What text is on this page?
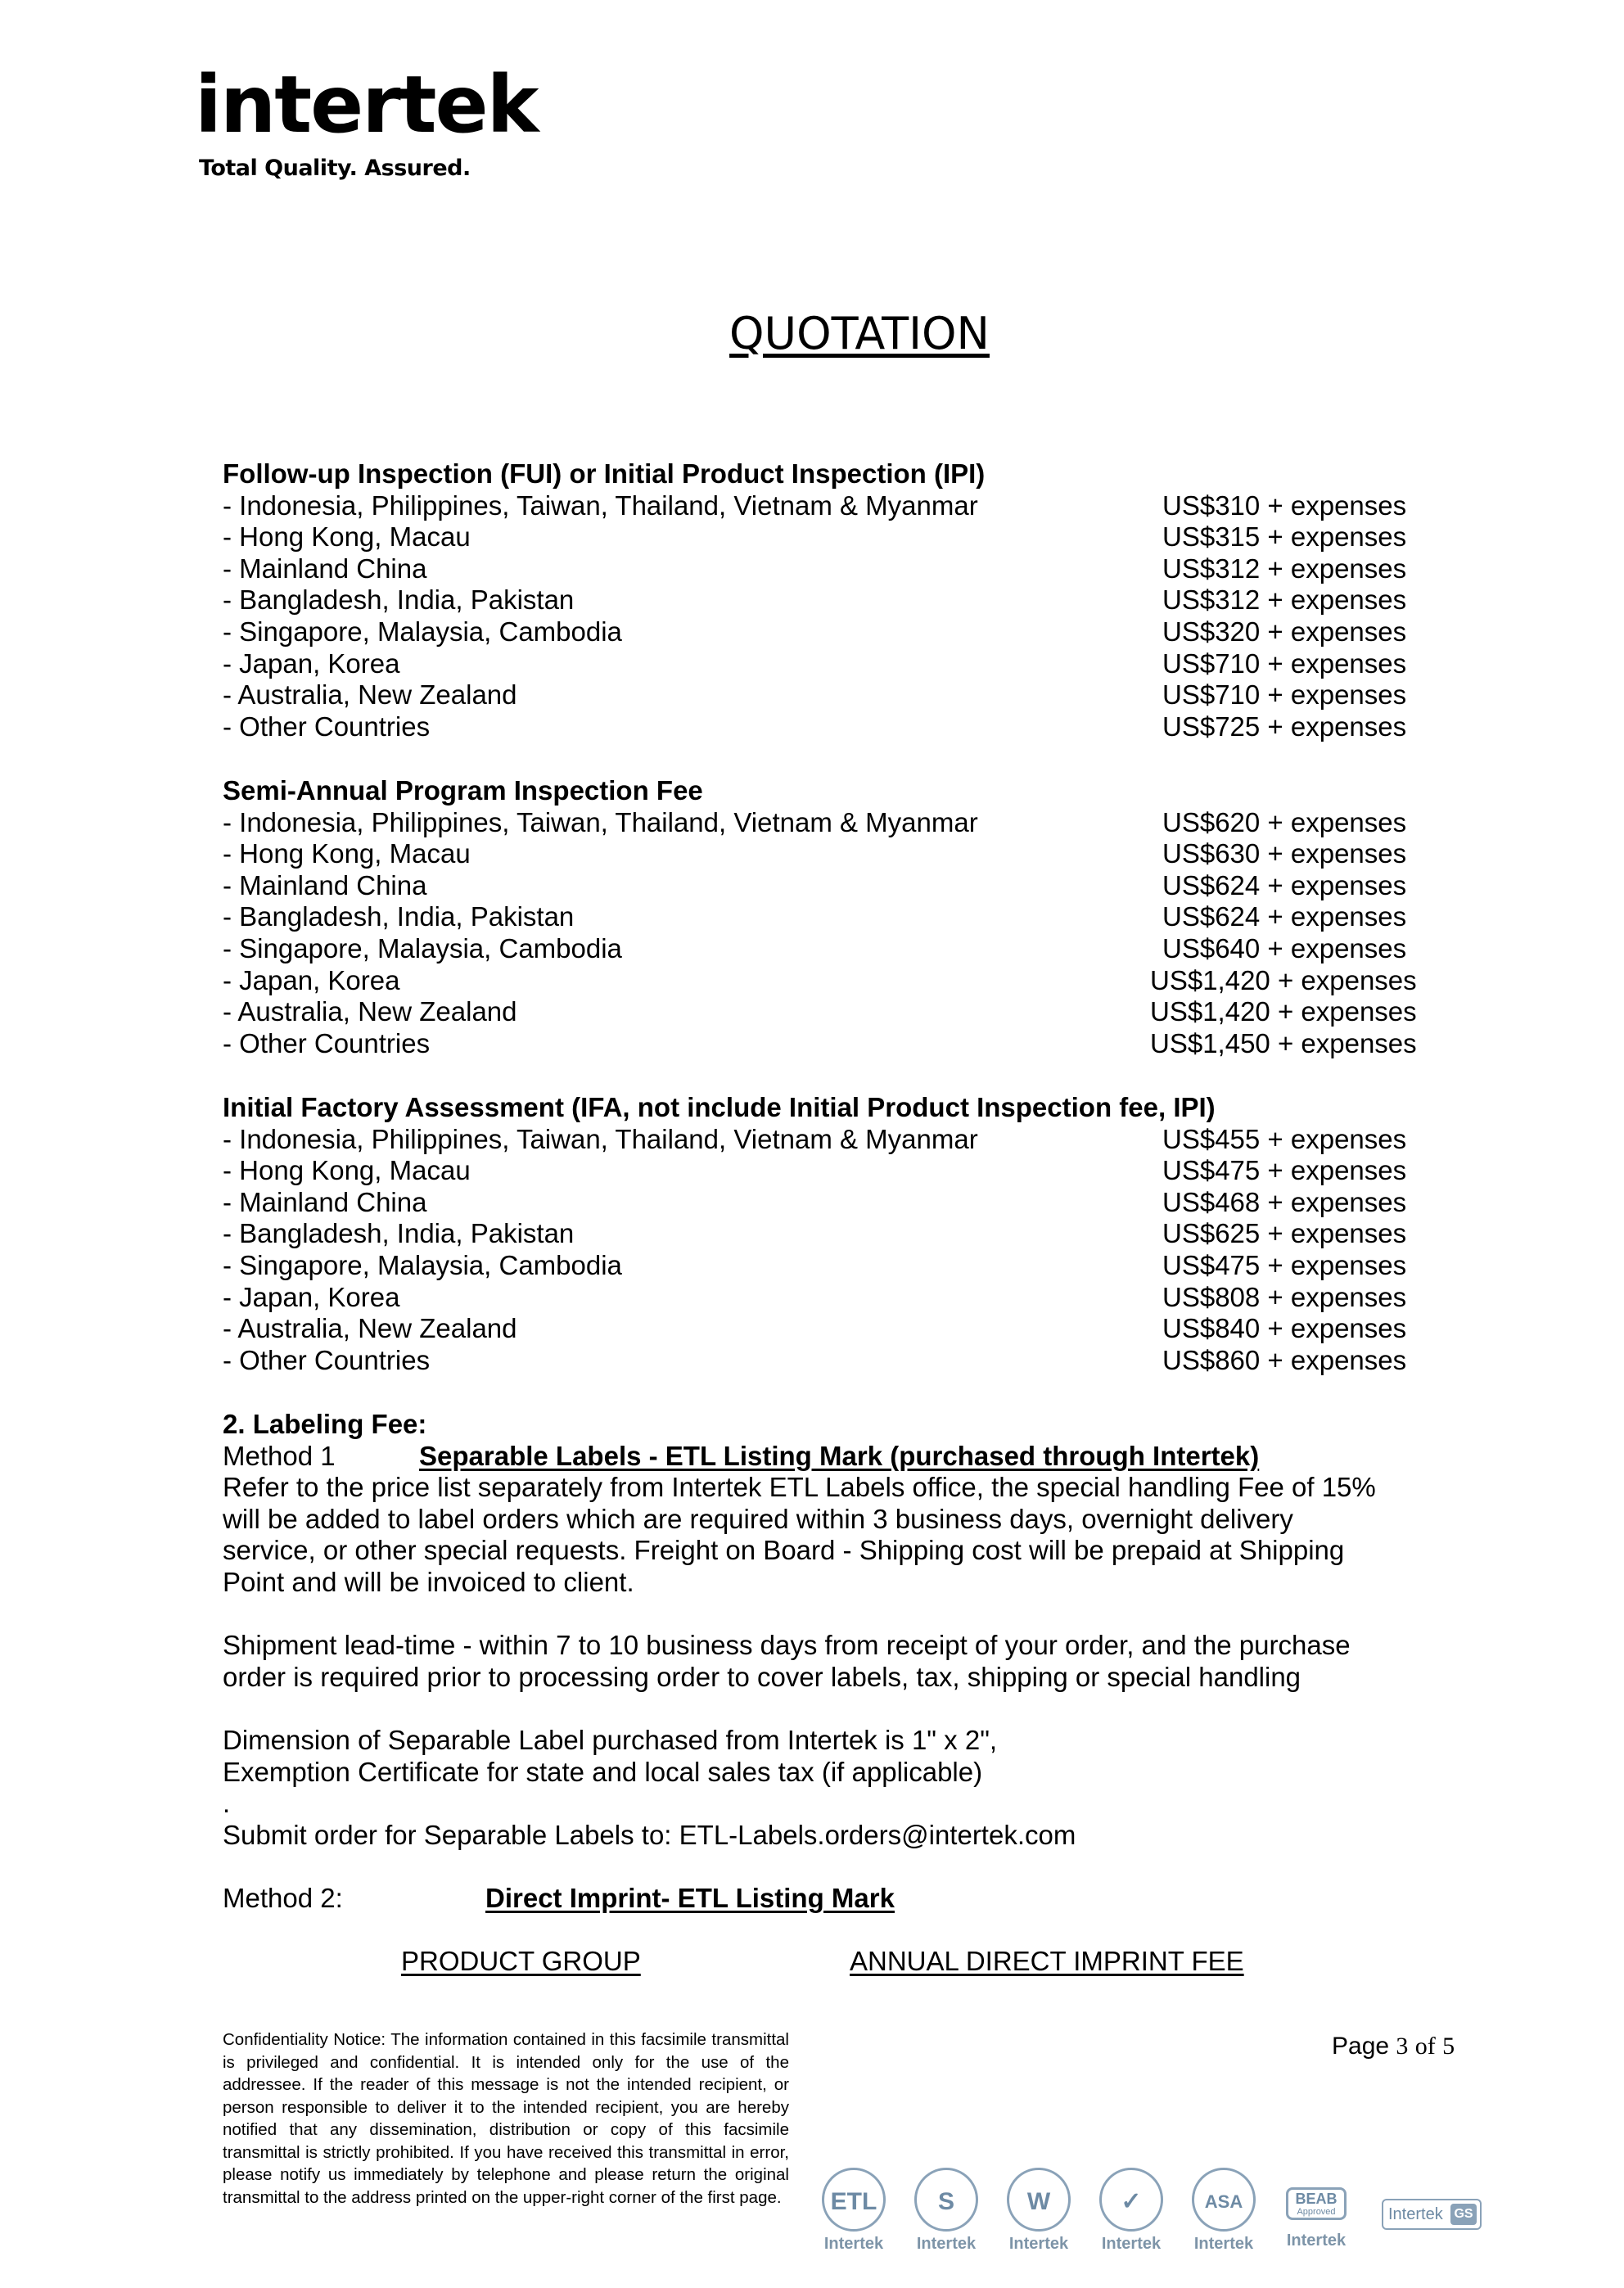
intertek
Total Quality. Assured.
QUOTATION
Follow-up Inspection (FUI) or Initial Product Inspection (IPI)
- Indonesia, Philippines, Taiwan, Thailand, Vietnam & Myanmar	US$310 + expenses
- Hong Kong, Macau	US$315 + expenses
- Mainland China	US$312 + expenses
- Bangladesh, India, Pakistan	US$312 + expenses
- Singapore, Malaysia, Cambodia	US$320 + expenses
- Japan, Korea	US$710 + expenses
- Australia, New Zealand	US$710 + expenses
- Other Countries	US$725 + expenses
Semi-Annual Program Inspection Fee
- Indonesia, Philippines, Taiwan, Thailand, Vietnam & Myanmar	US$620 + expenses
- Hong Kong, Macau	US$630 + expenses
- Mainland China	US$624 + expenses
- Bangladesh, India, Pakistan	US$624 + expenses
- Singapore, Malaysia, Cambodia	US$640 + expenses
- Japan, Korea	US$1,420 + expenses
- Australia, New Zealand	US$1,420 + expenses
- Other Countries	US$1,450 + expenses
Initial Factory Assessment (IFA, not include Initial Product Inspection fee, IPI)
- Indonesia, Philippines, Taiwan, Thailand, Vietnam & Myanmar	US$455 + expenses
- Hong Kong, Macau	US$475 + expenses
- Mainland China	US$468 + expenses
- Bangladesh, India, Pakistan	US$625 + expenses
- Singapore, Malaysia, Cambodia	US$475 + expenses
- Japan, Korea	US$808 + expenses
- Australia, New Zealand	US$840 + expenses
- Other Countries	US$860 + expenses
2. Labeling Fee:
Method 1	Separable Labels - ETL Listing Mark (purchased through Intertek)
Refer to the price list separately from Intertek ETL Labels office, the special handling Fee of 15%
will be added to label orders which are required within 3 business days, overnight delivery
service, or other special requests. Freight on Board - Shipping cost will be prepaid at Shipping
Point and will be invoiced to client.
Shipment lead-time - within 7 to 10 business days from receipt of your order, and the purchase
order is required prior to processing order to cover labels, tax, shipping or special handling
Dimension of Separable Label purchased from Intertek is 1" x 2",
Exemption Certificate for state and local sales tax (if applicable)
.
Submit order for Separable Labels to: ETL-Labels.orders@intertek.com
Method 2:	Direct Imprint- ETL Listing Mark
PRODUCT GROUP	ANNUAL DIRECT IMPRINT FEE
Confidentiality Notice: The information contained in this facsimile transmittal is privileged and confidential. It is intended only for the use of the addressee. If the reader of this message is not the intended recipient, or person responsible to deliver it to the intended recipient, you are hereby notified that any dissemination, distribution or copy of this facsimile transmittal is strictly prohibited. If you have received this transmittal in error, please notify us immediately by telephone and please return the original transmittal to the address printed on the upper-right corner of the first page.
Page 3 of 5
ETL
Intertek
S
Intertek
W
Intertek
✓
Intertek
ASA
Intertek
BEAB
Approved
Intertek
Intertek GS
